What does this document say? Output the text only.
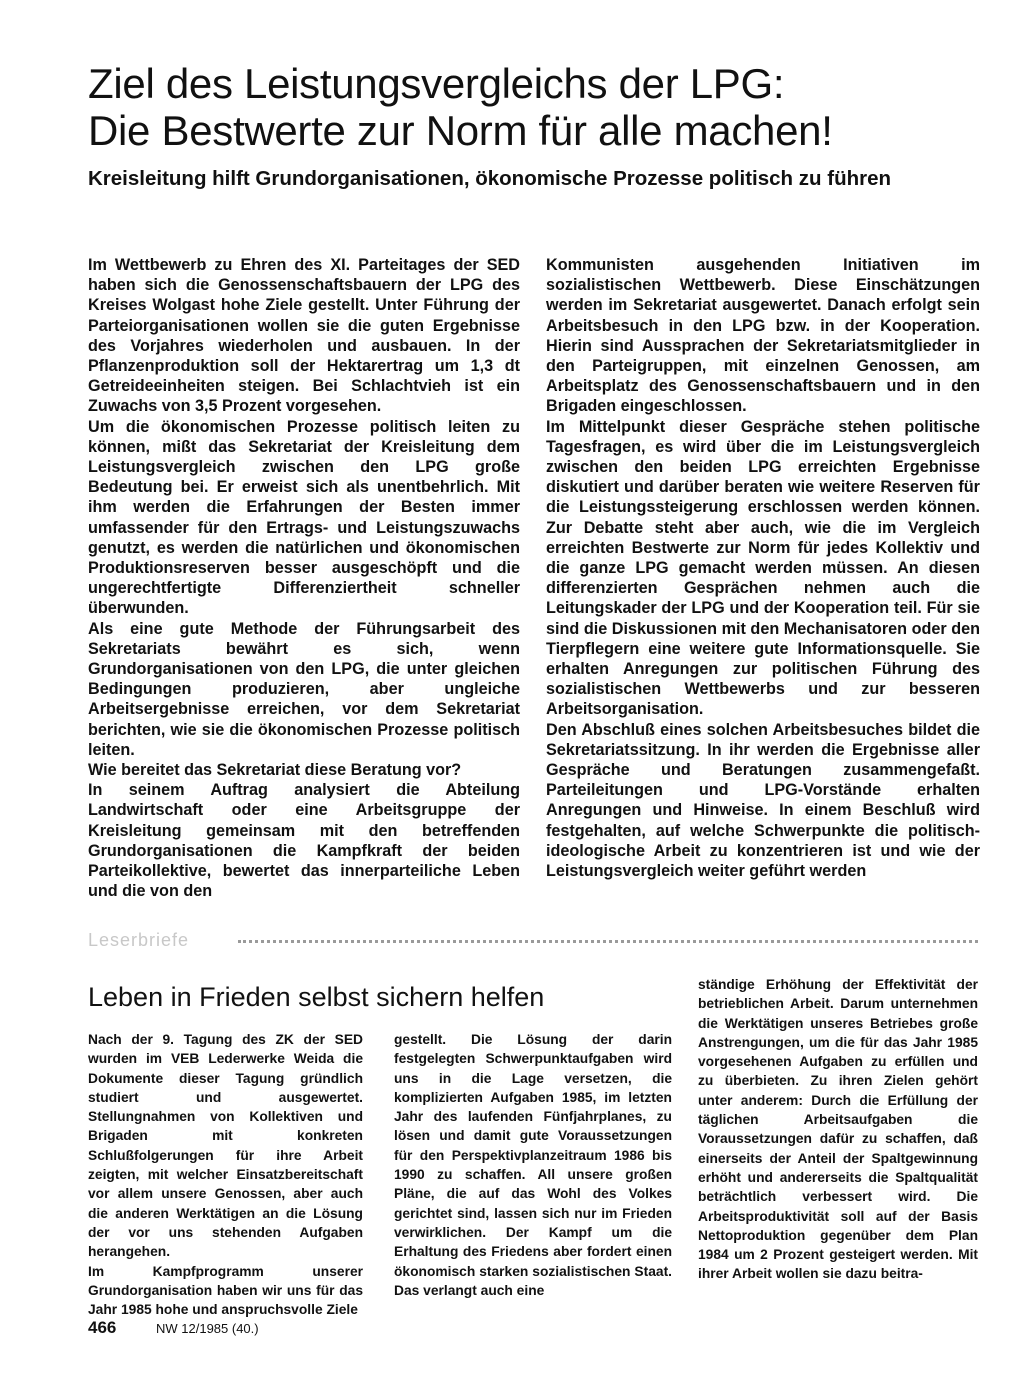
Ziel des Leistungsvergleichs der LPG:
Die Bestwerte zur Norm für alle machen!
Kreisleitung hilft Grundorganisationen, ökonomische Prozesse politisch zu führen

Im Wettbewerb zu Ehren des XI. Parteitages der SED haben sich die Genossenschaftsbauern der LPG des Kreises Wolgast hohe Ziele gestellt. Unter Führung der Parteiorganisationen wollen sie die guten Ergebnisse des Vorjahres wiederholen und ausbauen. In der Pflanzenproduktion soll der Hektarertrag um 1,3 dt Getreideeinheiten steigen. Bei Schlachtvieh ist ein Zuwachs von 3,5 Prozent vorgesehen.

Um die ökonomischen Prozesse politisch leiten zu können, mißt das Sekretariat der Kreisleitung dem Leistungsvergleich zwischen den LPG große Bedeutung bei. Er erweist sich als unentbehrlich. Mit ihm werden die Erfahrungen der Besten immer umfassender für den Ertrags- und Leistungszuwachs genutzt, es werden die natürlichen und ökonomischen Produktionsreserven besser ausgeschöpft und die ungerechtfertigte Differenziertheit schneller überwunden.

Als eine gute Methode der Führungsarbeit des Sekretariats bewährt es sich, wenn Grundorganisationen von den LPG, die unter gleichen Bedingungen produzieren, aber ungleiche Arbeitsergebnisse erreichen, vor dem Sekretariat berichten, wie sie die ökonomischen Prozesse politisch leiten.

Wie bereitet das Sekretariat diese Beratung vor?

In seinem Auftrag analysiert die Abteilung Landwirtschaft oder eine Arbeitsgruppe der Kreisleitung gemeinsam mit den betreffenden Grundorganisationen die Kampfkraft der beiden Parteikollektive, bewertet das innerparteiliche Leben und die von den

Kommunisten ausgehenden Initiativen im sozialistischen Wettbewerb. Diese Einschätzungen werden im Sekretariat ausgewertet. Danach erfolgt sein Arbeitsbesuch in den LPG bzw. in der Kooperation. Hierin sind Aussprachen der Sekretariatsmitglieder in den Parteigruppen, mit einzelnen Genossen, am Arbeitsplatz des Genossenschaftsbauern und in den Brigaden eingeschlossen.

Im Mittelpunkt dieser Gespräche stehen politische Tagesfragen, es wird über die im Leistungsvergleich zwischen den beiden LPG erreichten Ergebnisse diskutiert und darüber beraten wie weitere Reserven für die Leistungssteigerung erschlossen werden können. Zur Debatte steht aber auch, wie die im Vergleich erreichten Bestwerte zur Norm für jedes Kollektiv und die ganze LPG gemacht werden müssen. An diesen differenzierten Gesprächen nehmen auch die Leitungskader der LPG und der Kooperation teil. Für sie sind die Diskussionen mit den Mechanisatoren oder den Tierpflegern eine weitere gute Informationsquelle. Sie erhalten Anregungen zur politischen Führung des sozialistischen Wettbewerbs und zur besseren Arbeitsorganisation.

Den Abschluß eines solchen Arbeitsbesuches bildet die Sekretariatssitzung. In ihr werden die Ergebnisse aller Gespräche und Beratungen zusammengefaßt. Parteileitungen und LPG-Vorstände erhalten Anregungen und Hinweise. In einem Beschluß wird festgehalten, auf welche Schwerpunkte die politisch-ideologische Arbeit zu konzentrieren ist und wie der Leistungsvergleich weiter geführt werden

Leserbriefe
Leben in Frieden selbst sichern helfen

Nach der 9. Tagung des ZK der SED wurden im VEB Lederwerke Weida die Dokumente dieser Tagung gründlich studiert und ausgewertet. Stellungnahmen von Kollektiven und Brigaden mit konkreten Schlußfolgerungen für ihre Arbeit zeigten, mit welcher Einsatzbereitschaft vor allem unsere Genossen, aber auch die anderen Werktätigen an die Lösung der vor uns stehenden Aufgaben herangehen.

Im Kampfprogramm unserer Grundorganisation haben wir uns für das Jahr 1985 hohe und anspruchsvolle Ziele

gestellt. Die Lösung der darin festgelegten Schwerpunktaufgaben wird uns in die Lage versetzen, die komplizierten Aufgaben 1985, im letzten Jahr des laufenden Fünfjahrplanes, zu lösen und damit gute Voraussetzungen für den Perspektivplanzeitraum 1986 bis 1990 zu schaffen. All unsere großen Pläne, die auf das Wohl des Volkes gerichtet sind, lassen sich nur im Frieden verwirklichen. Der Kampf um die Erhaltung des Friedens aber fordert einen ökonomisch starken sozialistischen Staat. Das verlangt auch eine

ständige Erhöhung der Effektivität der betrieblichen Arbeit. Darum unternehmen die Werktätigen unseres Betriebes große Anstrengungen, um die für das Jahr 1985 vorgesehenen Aufgaben zu erfüllen und zu überbieten. Zu ihren Zielen gehört unter anderem: Durch die Erfüllung der täglichen Arbeitsaufgaben die Voraussetzungen dafür zu schaffen, daß einerseits der Anteil der Spaltgewinnung erhöht und andererseits die Spaltqualität beträchtlich verbessert wird. Die Arbeitsproduktivität soll auf der Basis Nettoproduktion gegenüber dem Plan 1984 um 2 Prozent gesteigert werden. Mit ihrer Arbeit wollen sie dazu beitra-

466	NW 12/1985 (40.)
